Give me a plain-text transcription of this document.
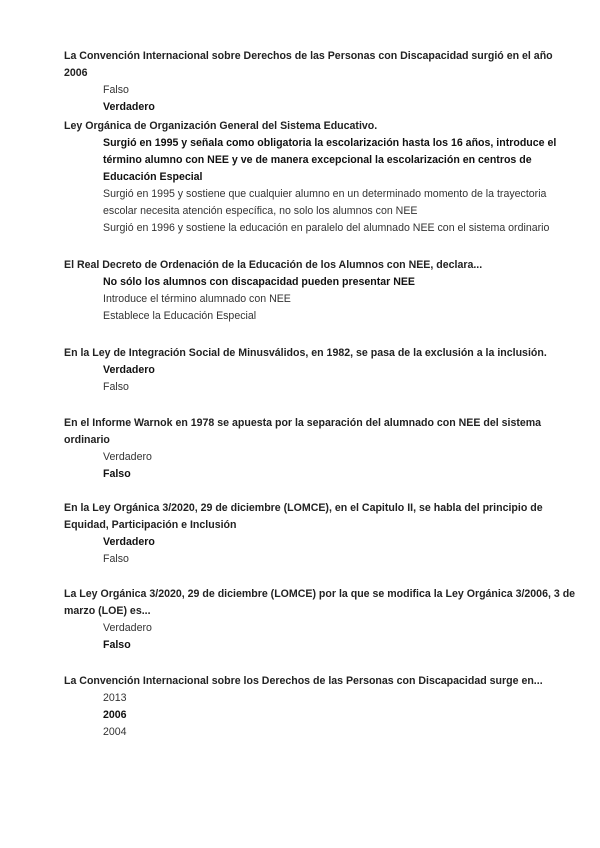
La Convención Internacional sobre Derechos de las Personas con Discapacidad surgió en el año 2006

Falso
Verdadero

Ley Orgánica de Organización General del Sistema Educativo.

Surgió en 1995 y señala como obligatoria la escolarización hasta los 16 años, introduce el término alumno con NEE y ve de manera excepcional la escolarización en centros de Educación Especial
Surgió en 1995 y sostiene que cualquier alumno en un determinado momento de la trayectoria escolar necesita atención específica, no solo los alumnos con NEE
Surgió en 1996 y sostiene la educación en paralelo del alumnado NEE con el sistema ordinario

El Real Decreto de Ordenación de la Educación de los Alumnos con NEE, declara...

No sólo los alumnos con discapacidad pueden presentar NEE
Introduce el término alumnado con NEE
Establece la Educación Especial

En la Ley de Integración Social de Minusválidos, en 1982, se pasa de la exclusión a la inclusión.

Verdadero
Falso

En el Informe Warnok en 1978 se apuesta por la separación del alumnado con NEE del sistema ordinario

Verdadero
Falso

En la Ley Orgánica 3/2020, 29 de diciembre (LOMCE), en el Capitulo II, se habla del principio de Equidad, Participación e Inclusión

Verdadero
Falso

La Ley Orgánica 3/2020, 29 de diciembre (LOMCE) por la que se modifica la Ley Orgánica 3/2006, 3 de marzo (LOE) es...

Verdadero
Falso

La Convención Internacional sobre los Derechos de las Personas con Discapacidad surge en...

2013
2006
2004
